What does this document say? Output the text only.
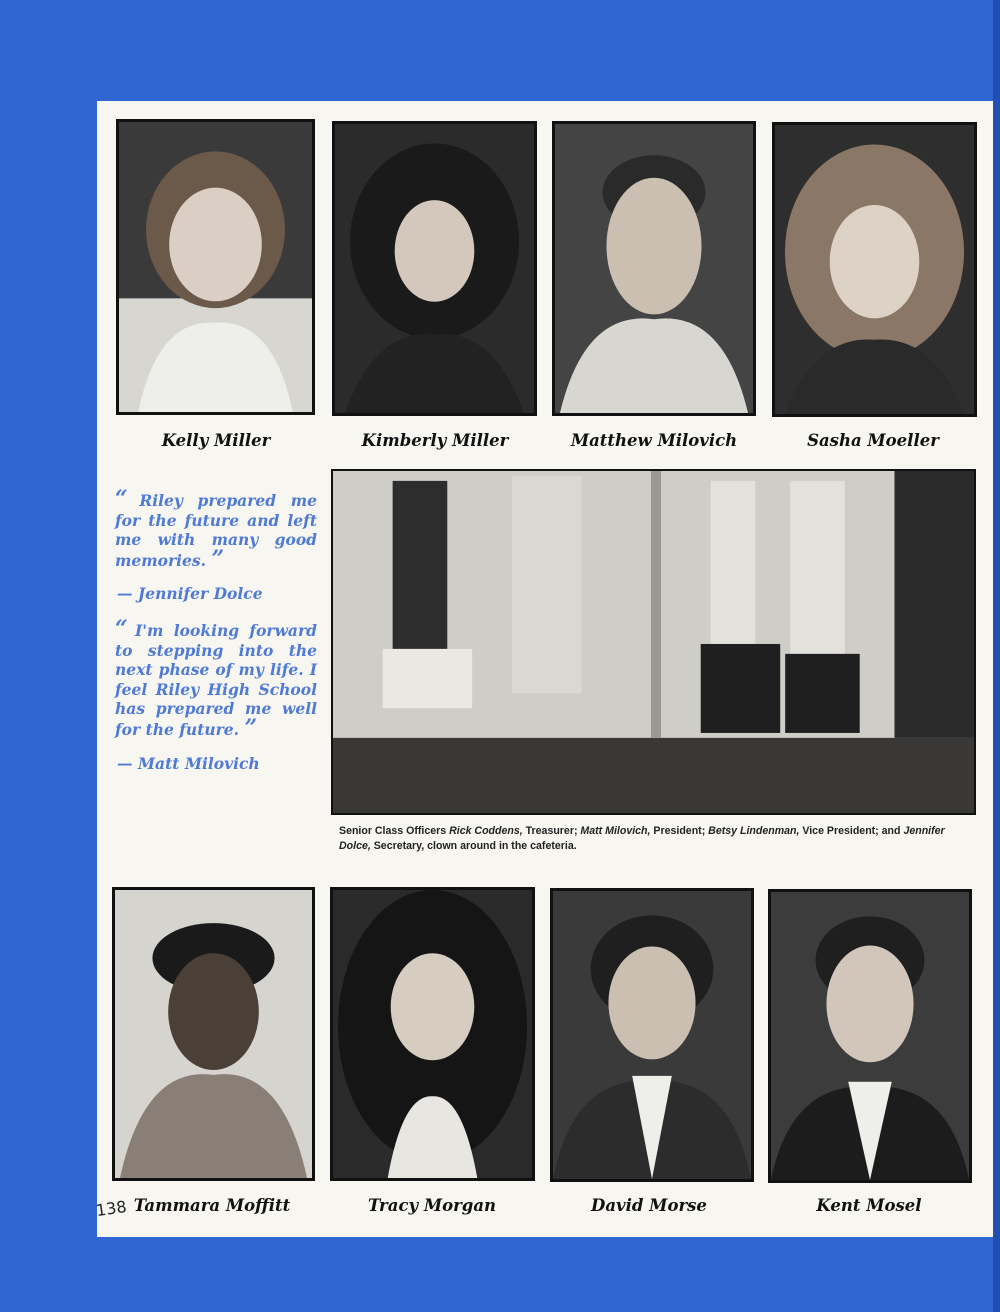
Kelly Miller	Kimberly Miller	Matthew Milovich	Sasha Moeller

“ Riley prepared me for the future and left me with many good memories. ”

— Jennifer Dolce

“ I'm looking forward to stepping into the next phase of my life. I feel Riley High School has prepared me well for the future. ”

— Matt Milovich
Senior Class Officers Rick Coddens, Treasurer; Matt Milovich, President; Betsy Lindenman, Vice President; and Jennifer Dolce, Secretary, clown around in the cafeteria.
Tammara Moffitt	Tracy Morgan	David Morse	Kent Mosel
138
